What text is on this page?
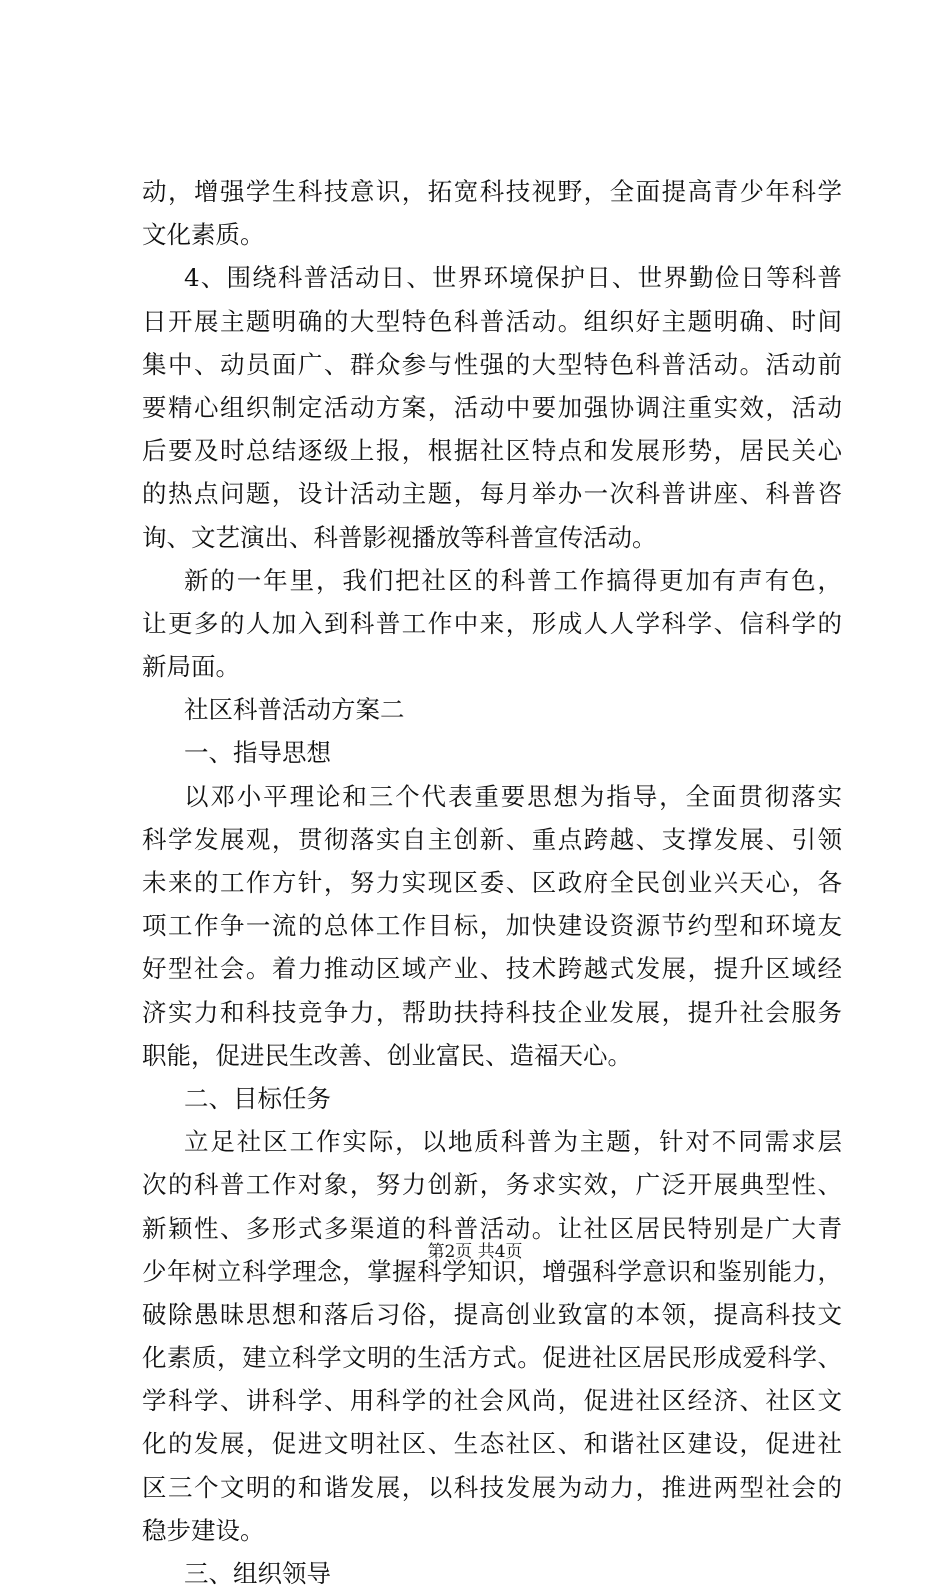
动，增强学生科技意识，拓宽科技视野，全面提高青少年科学
文化素质。
4、围绕科普活动日、世界环境保护日、世界勤俭日等科普
日开展主题明确的大型特色科普活动。组织好主题明确、时间
集中、动员面广、群众参与性强的大型特色科普活动。活动前
要精心组织制定活动方案，活动中要加强协调注重实效，活动
后要及时总结逐级上报，根据社区特点和发展形势，居民关心
的热点问题，设计活动主题，每月举办一次科普讲座、科普咨
询、文艺演出、科普影视播放等科普宣传活动。
新的一年里，我们把社区的科普工作搞得更加有声有色，
让更多的人加入到科普工作中来，形成人人学科学、信科学的
新局面。
社区科普活动方案二
一、指导思想
以邓小平理论和三个代表重要思想为指导，全面贯彻落实
科学发展观，贯彻落实自主创新、重点跨越、支撑发展、引领
未来的工作方针，努力实现区委、区政府全民创业兴天心，各
项工作争一流的总体工作目标，加快建设资源节约型和环境友
好型社会。着力推动区域产业、技术跨越式发展，提升区域经
济实力和科技竞争力，帮助扶持科技企业发展，提升社会服务
职能，促进民生改善、创业富民、造福天心。
二、目标任务
立足社区工作实际，以地质科普为主题，针对不同需求层
次的科普工作对象，努力创新，务求实效，广泛开展典型性、
新颖性、多形式多渠道的科普活动。让社区居民特别是广大青
少年树立科学理念，掌握科学知识，增强科学意识和鉴别能力，
破除愚昧思想和落后习俗，提高创业致富的本领，提高科技文
化素质，建立科学文明的生活方式。促进社区居民形成爱科学、
学科学、讲科学、用科学的社会风尚，促进社区经济、社区文
化的发展，促进文明社区、生态社区、和谐社区建设，促进社
区三个文明的和谐发展，以科技发展为动力，推进两型社会的
稳步建设。
三、组织领导
第2页 共4页
